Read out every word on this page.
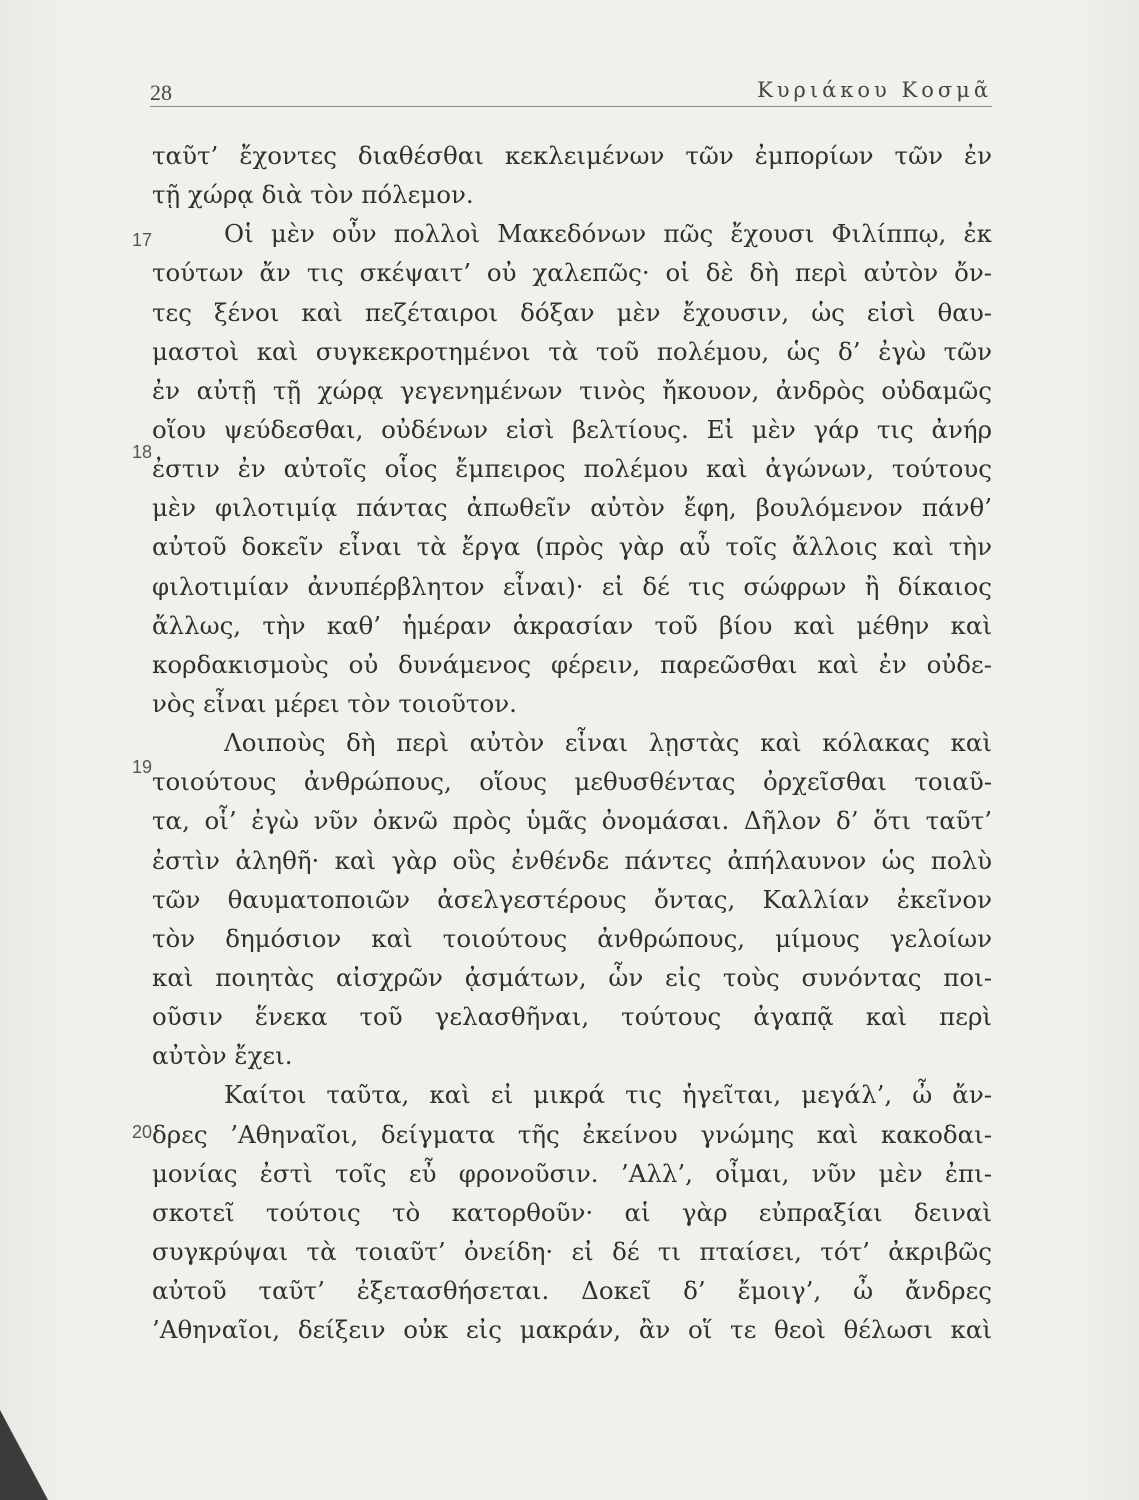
28	Κυριάκου Κοσμᾶ
17
18
19
20
ταῦτ’ ἔχοντες διαθέσθαι κεκλειμένων τῶν ἐμπορίων τῶν ἐν
τῇ χώρᾳ διὰ τὸν πόλεμον.
Οἱ μὲν οὖν πολλοὶ Μακεδόνων πῶς ἔχουσι Φιλίππῳ, ἐκ
τούτων ἄν τις σκέψαιτ’ οὐ χαλεπῶς· οἱ δὲ δὴ περὶ αὐτὸν ὄν-
τες ξένοι καὶ πεζέταιροι δόξαν μὲν ἔχουσιν, ὡς εἰσὶ θαυ-
μαστοὶ καὶ συγκεκροτημένοι τὰ τοῦ πολέμου, ὡς δ’ ἐγὼ τῶν
ἐν αὐτῇ τῇ χώρᾳ γεγενημένων τινὸς ἤκουον, ἀνδρὸς οὐδαμῶς
οἵου ψεύδεσθαι, οὐδένων εἰσὶ βελτίους. Εἰ μὲν γάρ τις ἀνήρ
ἐστιν ἐν αὐτοῖς οἷος ἔμπειρος πολέμου καὶ ἀγώνων, τούτους
μὲν φιλοτιμίᾳ πάντας ἀπωθεῖν αὐτὸν ἔφη, βουλόμενον πάνθ’
αὐτοῦ δοκεῖν εἶναι τὰ ἔργα (πρὸς γὰρ αὖ τοῖς ἄλλοις καὶ τὴν
φιλοτιμίαν ἀνυπέρβλητον εἶναι)· εἰ δέ τις σώφρων ἢ δίκαιος
ἄλλως, τὴν καθ’ ἡμέραν ἀκρασίαν τοῦ βίου καὶ μέθην καὶ
κορδακισμοὺς οὐ δυνάμενος φέρειν, παρεῶσθαι καὶ ἐν οὐδε-
νὸς εἶναι μέρει τὸν τοιοῦτον.
Λοιποὺς δὴ περὶ αὐτὸν εἶναι λῃστὰς καὶ κόλακας καὶ
τοιούτους ἀνθρώπους, οἵους μεθυσθέντας ὀρχεῖσθαι τοιαῦ-
τα, οἷ’ ἐγὼ νῦν ὀκνῶ πρὸς ὑμᾶς ὀνομάσαι. Δῆλον δ’ ὅτι ταῦτ’
ἐστὶν ἀληθῆ· καὶ γὰρ οὓς ἐνθένδε πάντες ἀπήλαυνον ὡς πολὺ
τῶν θαυματοποιῶν ἀσελγεστέρους ὄντας, Καλλίαν ἐκεῖνον
τὸν δημόσιον καὶ τοιούτους ἀνθρώπους, μίμους γελοίων
καὶ ποιητὰς αἰσχρῶν ᾀσμάτων, ὧν εἰς τοὺς συνόντας ποι-
οῦσιν ἕνεκα τοῦ γελασθῆναι, τούτους ἀγαπᾷ καὶ περὶ
αὐτὸν ἔχει.
Καίτοι ταῦτα, καὶ εἰ μικρά τις ἡγεῖται, μεγάλ’, ὦ ἄν-
δρες ’Αθηναῖοι, δείγματα τῆς ἐκείνου γνώμης καὶ κακοδαι-
μονίας ἐστὶ τοῖς εὖ φρονοῦσιν. ’Αλλ’, οἶμαι, νῦν μὲν ἐπι-
σκοτεῖ τούτοις τὸ κατορθοῦν· αἱ γὰρ εὐπραξίαι δειναὶ
συγκρύψαι τὰ τοιαῦτ’ ὀνείδη· εἰ δέ τι πταίσει, τότ’ ἀκριβῶς
αὐτοῦ ταῦτ’ ἐξετασθήσεται. Δοκεῖ δ’ ἔμοιγ’, ὦ ἄνδρες
’Αθηναῖοι, δείξειν οὐκ εἰς μακράν, ἂν οἵ τε θεοὶ θέλωσι καὶ
